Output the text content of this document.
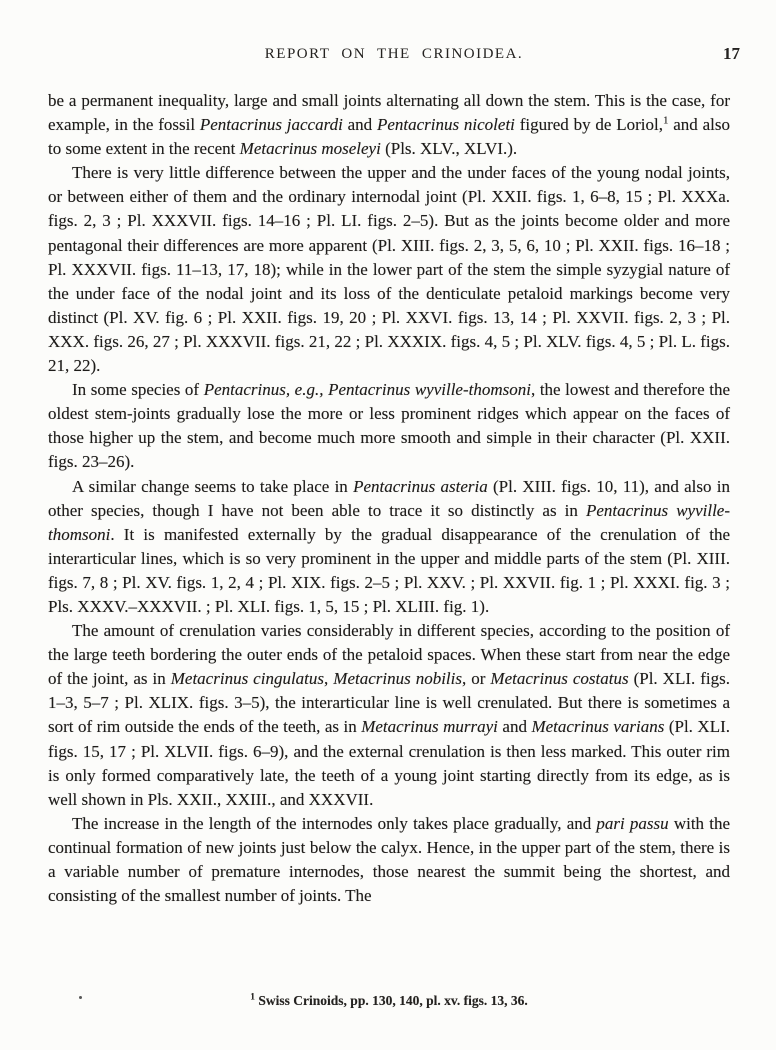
REPORT ON THE CRINOIDEA.	17

be a permanent inequality, large and small joints alternating all down the stem. This is the case, for example, in the fossil Pentacrinus jaccardi and Pentacrinus nicoleti figured by de Loriol,$^1$ and also to some extent in the recent Metacrinus moseleyi (Pls. XLV., XLVI.).

There is very little difference between the upper and the under faces of the young nodal joints, or between either of them and the ordinary internodal joint (Pl. XXII. figs. 1, 6–8, 15 ; Pl. XXXa. figs. 2, 3 ; Pl. XXXVII. figs. 14–16 ; Pl. LI. figs. 2–5). But as the joints become older and more pentagonal their differences are more apparent (Pl. XIII. figs. 2, 3, 5, 6, 10 ; Pl. XXII. figs. 16–18 ; Pl. XXXVII. figs. 11–13, 17, 18); while in the lower part of the stem the simple syzygial nature of the under face of the nodal joint and its loss of the denticulate petaloid markings become very distinct (Pl. XV. fig. 6 ; Pl. XXII. figs. 19, 20 ; Pl. XXVI. figs. 13, 14 ; Pl. XXVII. figs. 2, 3 ; Pl. XXX. figs. 26, 27 ; Pl. XXXVII. figs. 21, 22 ; Pl. XXXIX. figs. 4, 5 ; Pl. XLV. figs. 4, 5 ; Pl. L. figs. 21, 22).

In some species of Pentacrinus, e.g., Pentacrinus wyville-thomsoni, the lowest and therefore the oldest stem-joints gradually lose the more or less prominent ridges which appear on the faces of those higher up the stem, and become much more smooth and simple in their character (Pl. XXII. figs. 23–26).

A similar change seems to take place in Pentacrinus asteria (Pl. XIII. figs. 10, 11), and also in other species, though I have not been able to trace it so distinctly as in Pentacrinus wyville-thomsoni. It is manifested externally by the gradual disappearance of the crenulation of the interarticular lines, which is so very prominent in the upper and middle parts of the stem (Pl. XIII. figs. 7, 8 ; Pl. XV. figs. 1, 2, 4 ; Pl. XIX. figs. 2–5 ; Pl. XXV. ; Pl. XXVII. fig. 1 ; Pl. XXXI. fig. 3 ; Pls. XXXV.–XXXVII. ; Pl. XLI. figs. 1, 5, 15 ; Pl. XLIII. fig. 1).

The amount of crenulation varies considerably in different species, according to the position of the large teeth bordering the outer ends of the petaloid spaces. When these start from near the edge of the joint, as in Metacrinus cingulatus, Metacrinus nobilis, or Metacrinus costatus (Pl. XLI. figs. 1–3, 5–7 ; Pl. XLIX. figs. 3–5), the interarticular line is well crenulated. But there is sometimes a sort of rim outside the ends of the teeth, as in Metacrinus murrayi and Metacrinus varians (Pl. XLI. figs. 15, 17 ; Pl. XLVII. figs. 6–9), and the external crenulation is then less marked. This outer rim is only formed comparatively late, the teeth of a young joint starting directly from its edge, as is well shown in Pls. XXII., XXIII., and XXXVII.

The increase in the length of the internodes only takes place gradually, and pari passu with the continual formation of new joints just below the calyx. Hence, in the upper part of the stem, there is a variable number of premature internodes, those nearest the summit being the shortest, and consisting of the smallest number of joints. The

$^1$ Swiss Crinoids, pp. 130, 140, pl. xv. figs. 13, 36.
